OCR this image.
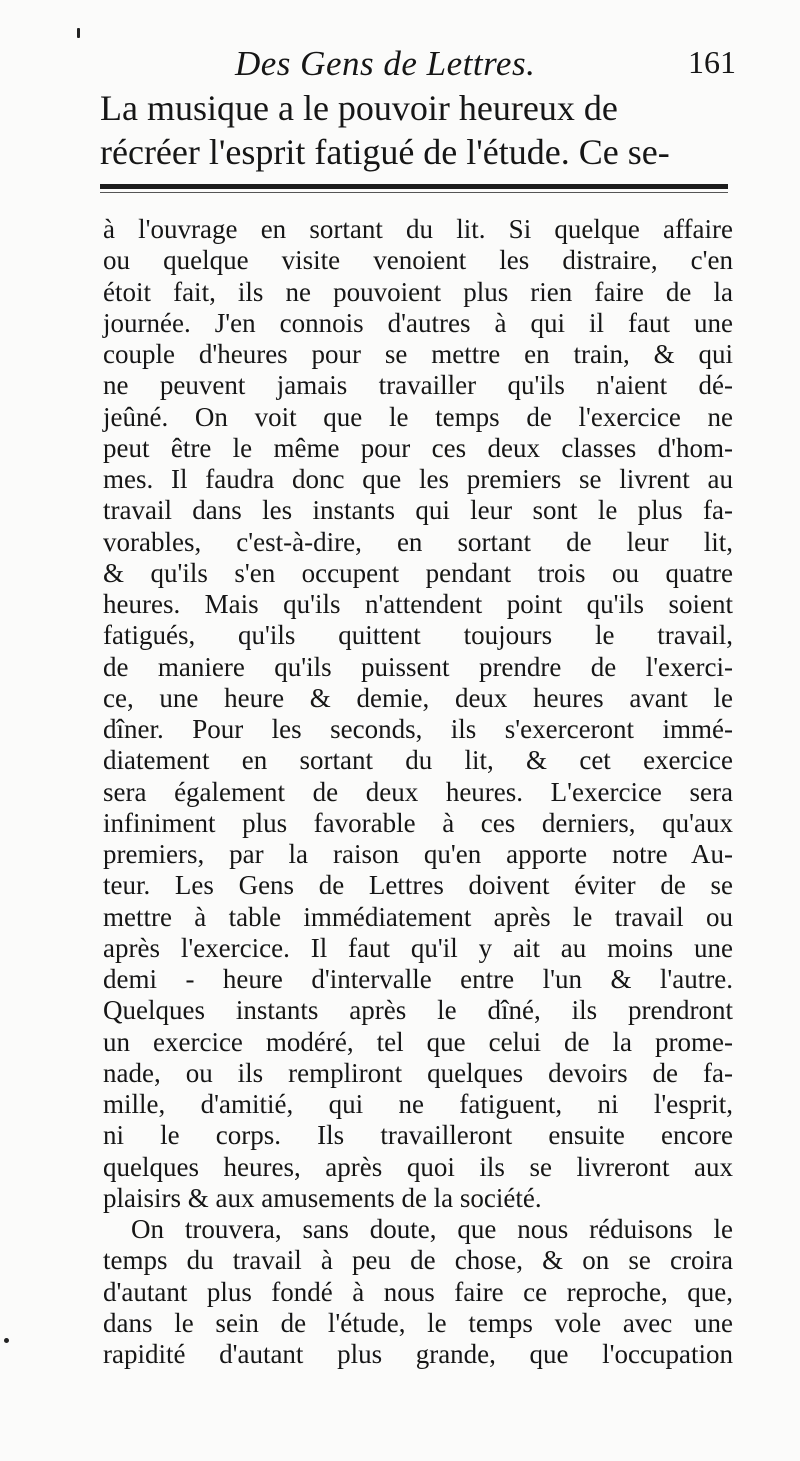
Des Gens de Lettres.	161

La musique a le pouvoir heureux de
récréer l'esprit fatigué de l'étude. Ce se-

à l'ouvrage en sortant du lit. Si quelque affaire
ou quelque visite venoient les distraire, c'en
étoit fait, ils ne pouvoient plus rien faire de la
journée. J'en connois d'autres à qui il faut une
couple d'heures pour se mettre en train, & qui
ne peuvent jamais travailler qu'ils n'aient dé-
jeûné. On voit que le temps de l'exercice ne
peut être le même pour ces deux classes d'hom-
mes. Il faudra donc que les premiers se livrent au
travail dans les instants qui leur sont le plus fa-
vorables, c'est-à-dire, en sortant de leur lit,
& qu'ils s'en occupent pendant trois ou quatre
heures. Mais qu'ils n'attendent point qu'ils soient
fatigués, qu'ils quittent toujours le travail,
de maniere qu'ils puissent prendre de l'exerci-
ce, une heure & demie, deux heures avant le
dîner. Pour les seconds, ils s'exerceront immé-
diatement en sortant du lit, & cet exercice
sera également de deux heures. L'exercice sera
infiniment plus favorable à ces derniers, qu'aux
premiers, par la raison qu'en apporte notre Au-
teur. Les Gens de Lettres doivent éviter de se
mettre à table immédiatement après le travail ou
après l'exercice. Il faut qu'il y ait au moins une
demi - heure d'intervalle entre l'un & l'autre.
Quelques instants après le dîné, ils prendront
un exercice modéré, tel que celui de la prome-
nade, ou ils rempliront quelques devoirs de fa-
mille, d'amitié, qui ne fatiguent, ni l'esprit,
ni le corps. Ils travailleront ensuite encore
quelques heures, après quoi ils se livreront aux
plaisirs & aux amusements de la société.
On trouvera, sans doute, que nous réduisons le
temps du travail à peu de chose, & on se croira
d'autant plus fondé à nous faire ce reproche, que,
dans le sein de l'étude, le temps vole avec une
rapidité d'autant plus grande, que l'occupation
